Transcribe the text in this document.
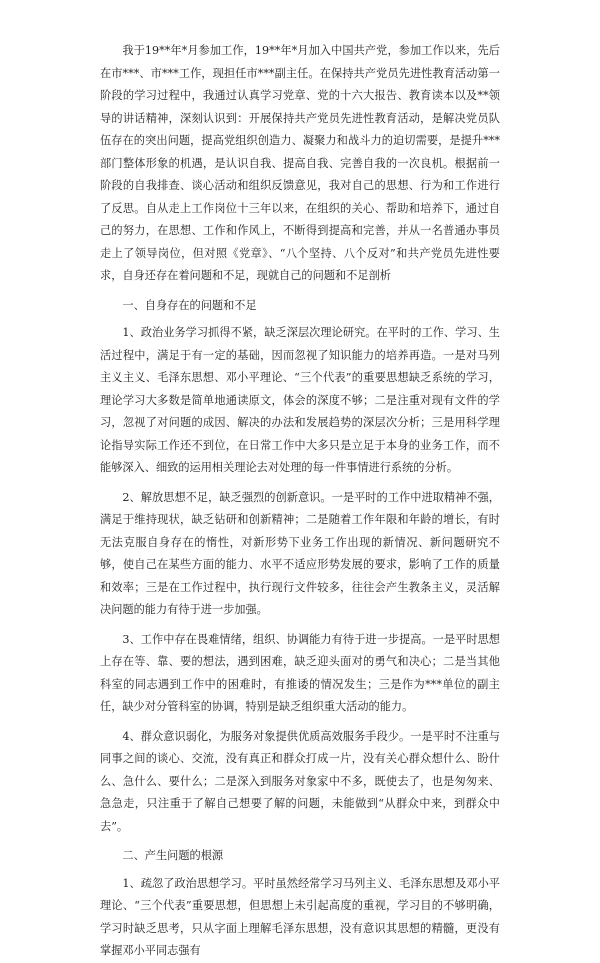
我于19**年*月参加工作，19**年*月加入中国共产党，参加工作以来，先后在市***、市***工作，现担任市***副主任。在保持共产党员先进性教育活动第一阶段的学习过程中，我通过认真学习党章、党的十六大报告、教育读本以及**领导的讲话精神，深刻认识到：开展保持共产党员先进性教育活动，是解决党员队伍存在的突出问题，提高党组织创造力、凝聚力和战斗力的迫切需要，是提升***部门整体形象的机遇，是认识自我、提高自我、完善自我的一次良机。根据前一阶段的自我排查、谈心活动和组织反馈意见，我对自己的思想、行为和工作进行了反思。自从走上工作岗位十三年以来，在组织的关心、帮助和培养下，通过自己的努力，在思想、工作和作风上，不断得到提高和完善，并从一名普通办事员走上了领导岗位，但对照《党章》、“八个坚持、八个反对”和共产党员先进性要求，自身还存在着问题和不足，现就自己的问题和不足剖析

一、自身存在的问题和不足

1、政治业务学习抓得不紧，缺乏深层次理论研究。在平时的工作、学习、生活过程中，满足于有一定的基础，因而忽视了知识能力的培养再造。一是对马列主义主义、毛泽东思想、邓小平理论、“三个代表”的重要思想缺乏系统的学习，理论学习大多数是简单地通读原文，体会的深度不够；二是注重对现有文件的学习，忽视了对问题的成因、解决的办法和发展趋势的深层次分析；三是用科学理论指导实际工作还不到位，在日常工作中大多只是立足于本身的业务工作，而不能够深入、细致的运用相关理论去对处理的每一件事情进行系统的分析。

2、解放思想不足，缺乏强烈的创新意识。一是平时的工作中进取精神不强，满足于维持现状，缺乏钻研和创新精神；二是随着工作年限和年龄的增长，有时无法克服自身存在的惰性，对新形势下业务工作出现的新情况、新问题研究不够，使自己在某些方面的能力、水平不适应形势发展的要求，影响了工作的质量和效率；三是在工作过程中，执行现行文件较多，往往会产生教条主义，灵活解决问题的能力有待于进一步加强。

3、工作中存在畏难情绪，组织、协调能力有待于进一步提高。一是平时思想上存在等、靠、要的想法，遇到困难，缺乏迎头面对的勇气和决心；二是当其他科室的同志遇到工作中的困难时，有推诿的情况发生；三是作为***单位的副主任，缺少对分管科室的协调，特别是缺乏组织重大活动的能力。

4、群众意识弱化，为服务对象提供优质高效服务手段少。一是平时不注重与同事之间的谈心、交流，没有真正和群众打成一片，没有关心群众想什么、盼什么、急什么、要什么；二是深入到服务对象家中不多，既使去了，也是匆匆来、急急走，只注重于了解自己想要了解的问题，未能做到“从群众中来，到群众中去”。

二、产生问题的根源

1、疏忽了政治思想学习。平时虽然经常学习马列主义、毛泽东思想及邓小平理论、“三个代表”重要思想，但思想上未引起高度的重视，学习目的不够明确，学习时缺乏思考，只从字面上理解毛泽东思想，没有意识其思想的精髓，更没有掌握邓小平同志强有
